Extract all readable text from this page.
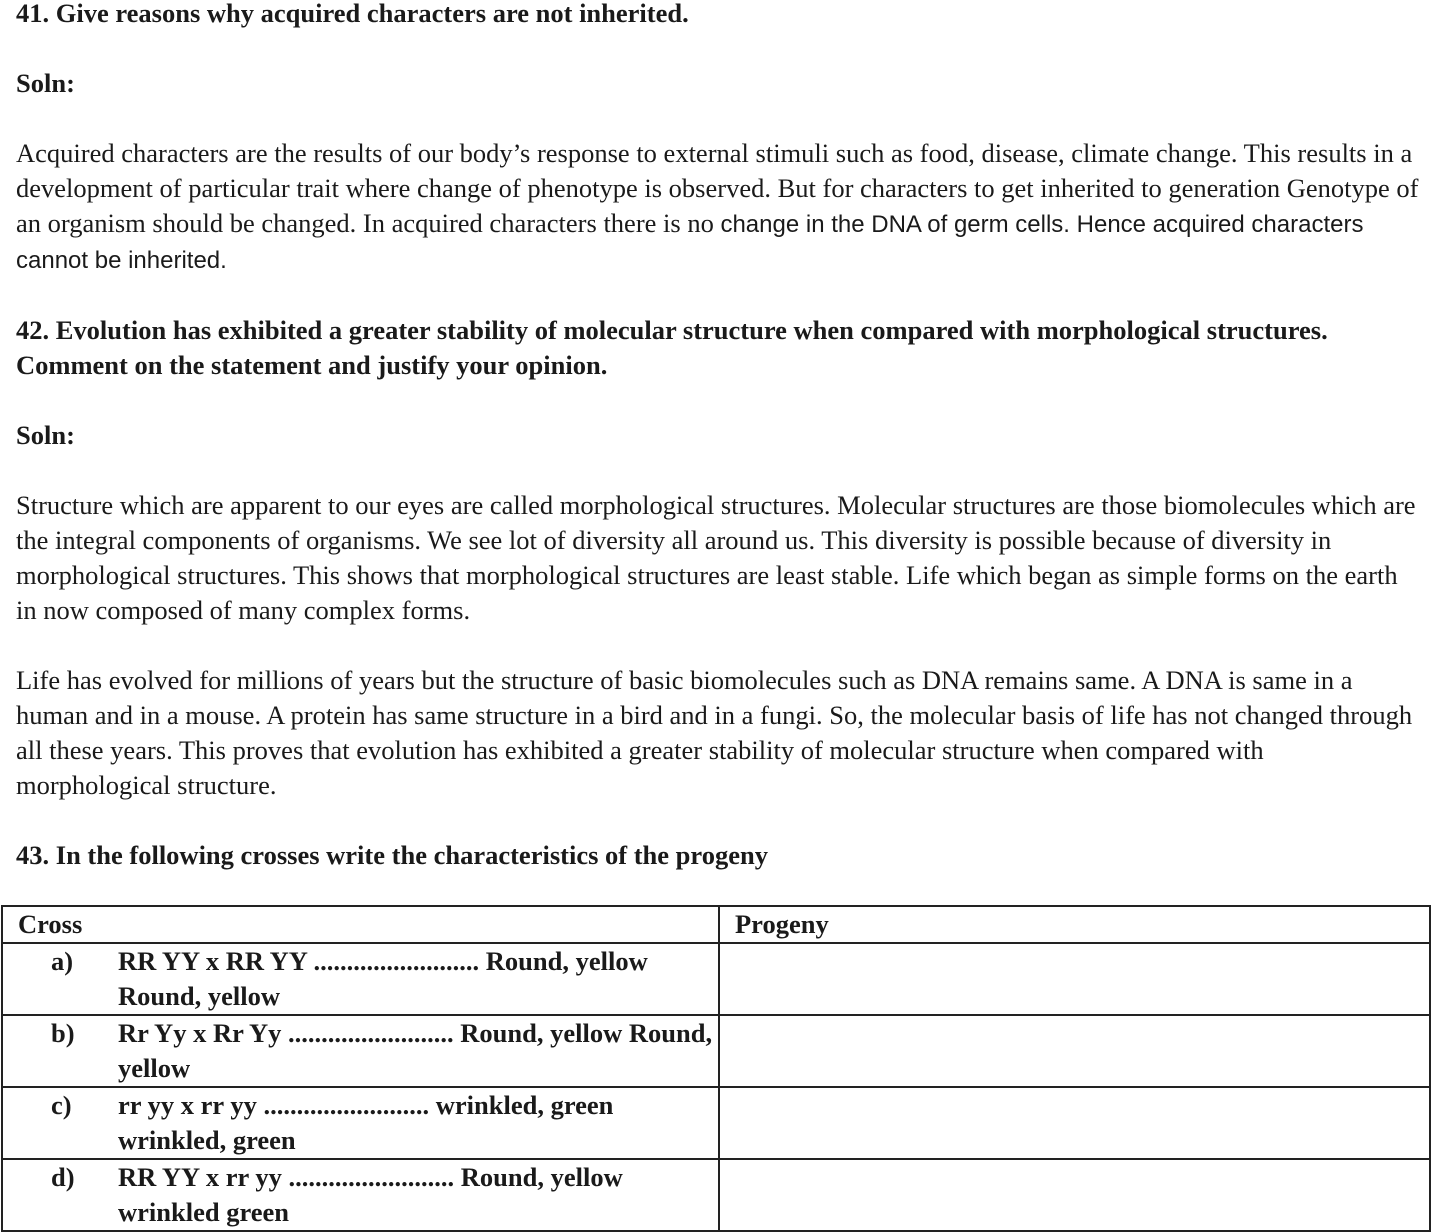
41. Give reasons why acquired characters are not inherited.

Soln:

Acquired characters are the results of our body’s response to external stimuli such as food, disease, climate change. This results in a development of particular trait where change of phenotype is observed. But for characters to get inherited to generation Genotype of an organism should be changed. In acquired characters there is no change in the DNA of germ cells. Hence acquired characters cannot be inherited.

42. Evolution has exhibited a greater stability of molecular structure when compared with morphological structures. Comment on the statement and justify your opinion.

Soln:

Structure which are apparent to our eyes are called morphological structures. Molecular structures are those biomolecules which are the integral components of organisms. We see lot of diversity all around us. This diversity is possible because of diversity in morphological structures. This shows that morphological structures are least stable. Life which began as simple forms on the earth in now composed of many complex forms.

Life has evolved for millions of years but the structure of basic biomolecules such as DNA remains same. A DNA is same in a human and in a mouse. A protein has same structure in a bird and in a fungi. So, the molecular basis of life has not changed through all these years. This proves that evolution has exhibited a greater stability of molecular structure when compared with morphological structure.

43. In the following crosses write the characteristics of the progeny

Cross	Progeny

a) RR YY x RR YY ......................... Round, yellow Round, yellow	

b) Rr Yy x Rr Yy ......................... Round, yellow Round, yellow	

c) rr yy x rr yy ......................... wrinkled, green wrinkled, green	

d) RR YY x rr yy ......................... Round, yellow wrinkled green	
